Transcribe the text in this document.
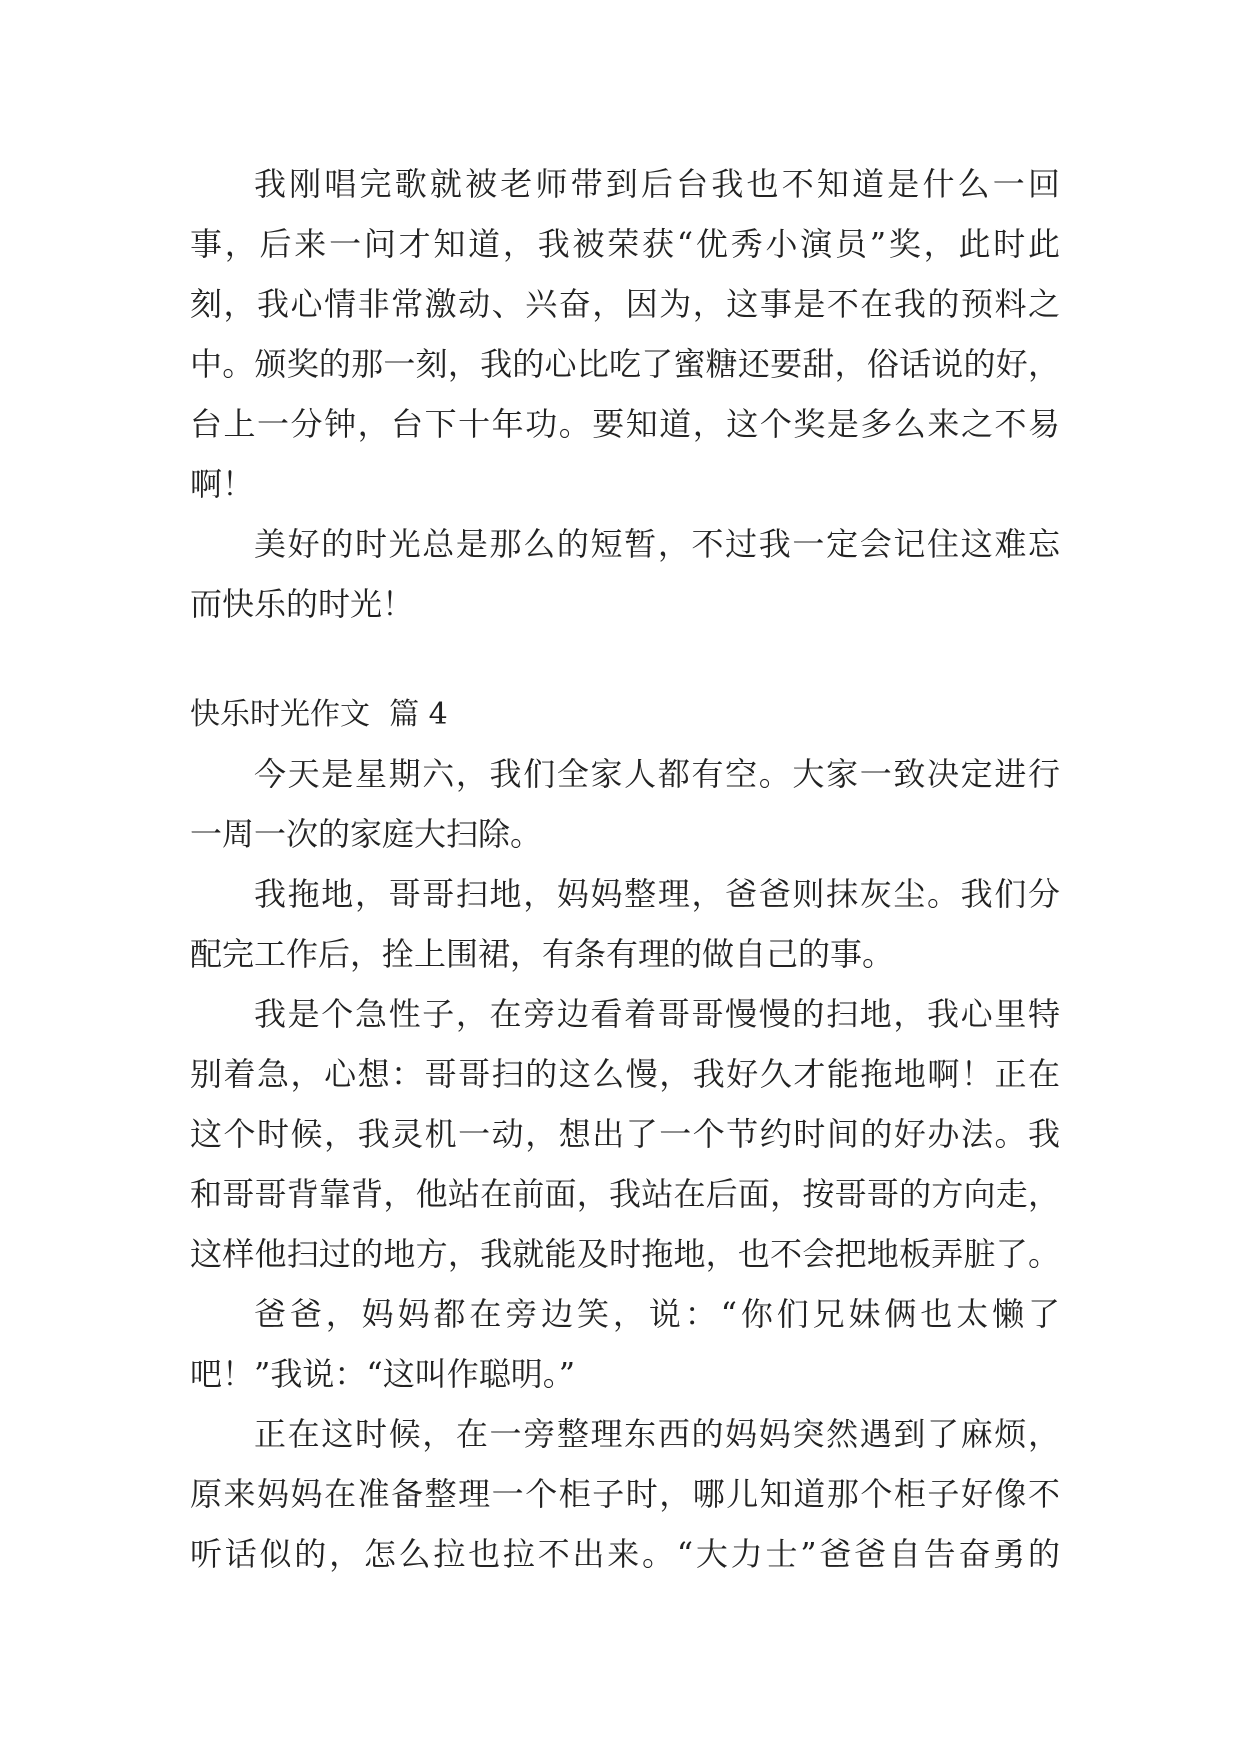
我刚唱完歌就被老师带到后台我也不知道是什么一回
事，后来一问才知道，我被荣获“优秀小演员”奖，此时此
刻，我心情非常激动、兴奋，因为，这事是不在我的预料之
中。颁奖的那一刻，我的心比吃了蜜糖还要甜，俗话说的好，
台上一分钟，台下十年功。要知道，这个奖是多么来之不易
啊！
美好的时光总是那么的短暂，不过我一定会记住这难忘
而快乐的时光！
快乐时光作文  篇 4
今天是星期六，我们全家人都有空。大家一致决定进行
一周一次的家庭大扫除。
我拖地，哥哥扫地，妈妈整理，爸爸则抹灰尘。我们分
配完工作后，拴上围裙，有条有理的做自己的事。
我是个急性子，在旁边看着哥哥慢慢的扫地，我心里特
别着急，心想：哥哥扫的这么慢，我好久才能拖地啊！正在
这个时候，我灵机一动，想出了一个节约时间的好办法。我
和哥哥背靠背，他站在前面，我站在后面，按哥哥的方向走，
这样他扫过的地方，我就能及时拖地，也不会把地板弄脏了。
爸爸，妈妈都在旁边笑，说：“你们兄妹俩也太懒了
吧！”我说：“这叫作聪明。”
正在这时候，在一旁整理东西的妈妈突然遇到了麻烦，
原来妈妈在准备整理一个柜子时，哪儿知道那个柜子好像不
听话似的，怎么拉也拉不出来。“大力士”爸爸自告奋勇的
